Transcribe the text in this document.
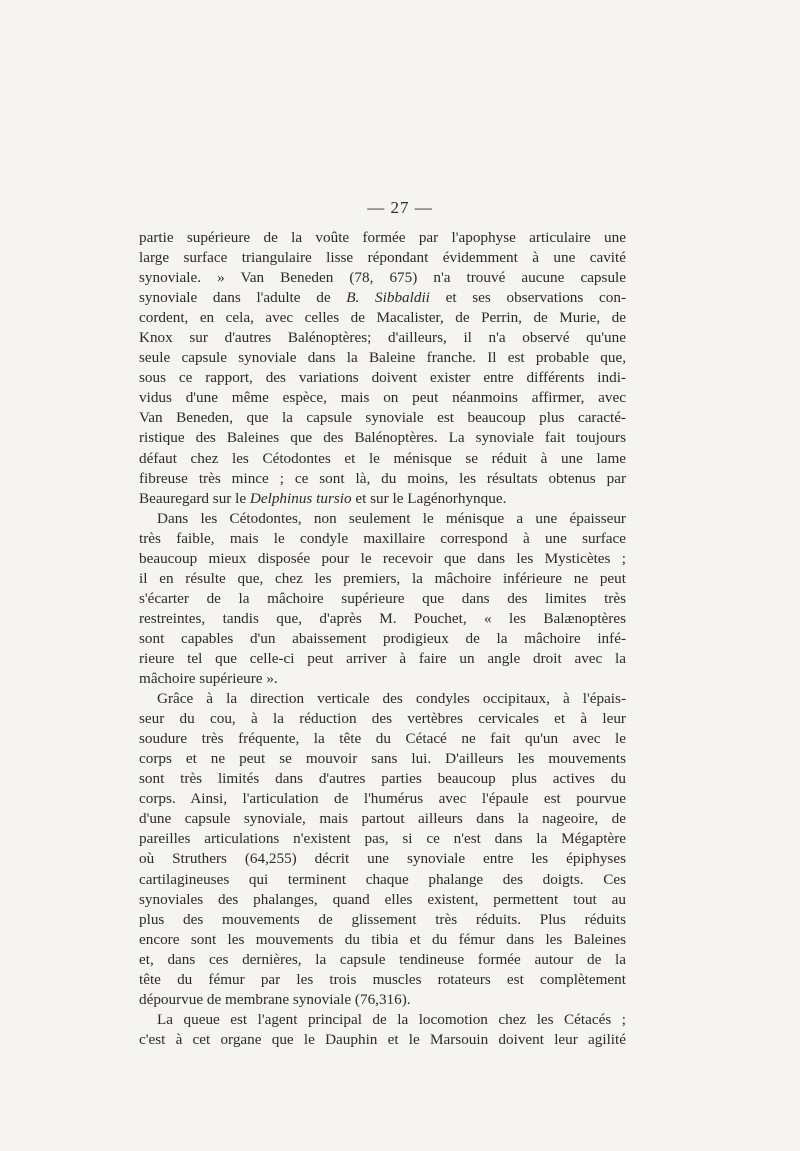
— 27 —
partie supérieure de la voûte formée par l'apophyse articulaire une
large surface triangulaire lisse répondant évidemment à une cavité
synoviale. » Van Beneden (78, 675) n'a trouvé aucune capsule
synoviale dans l'adulte de B. Sibbaldii et ses observations con-
cordent, en cela, avec celles de Macalister, de Perrin, de Murie, de
Knox sur d'autres Balénoptères; d'ailleurs, il n'a observé qu'une
seule capsule synoviale dans la Baleine franche. Il est probable que,
sous ce rapport, des variations doivent exister entre différents indi-
vidus d'une même espèce, mais on peut néanmoins affirmer, avec
Van Beneden, que la capsule synoviale est beaucoup plus caracté-
ristique des Baleines que des Balénoptères. La synoviale fait toujours
défaut chez les Cétodontes et le ménisque se réduit à une lame
fibreuse très mince ; ce sont là, du moins, les résultats obtenus par
Beauregard sur le Delphinus tursio et sur le Lagénorhynque.
Dans les Cétodontes, non seulement le ménisque a une épaisseur
très faible, mais le condyle maxillaire correspond à une surface
beaucoup mieux disposée pour le recevoir que dans les Mysticètes ;
il en résulte que, chez les premiers, la mâchoire inférieure ne peut
s'écarter de la mâchoire supérieure que dans des limites très
restreintes, tandis que, d'après M. Pouchet, « les Balænoptères
sont capables d'un abaissement prodigieux de la mâchoire infé-
rieure tel que celle-ci peut arriver à faire un angle droit avec la
mâchoire supérieure ».
Grâce à la direction verticale des condyles occipitaux, à l'épais-
seur du cou, à la réduction des vertèbres cervicales et à leur
soudure très fréquente, la tête du Cétacé ne fait qu'un avec le
corps et ne peut se mouvoir sans lui. D'ailleurs les mouvements
sont très limités dans d'autres parties beaucoup plus actives du
corps. Ainsi, l'articulation de l'humérus avec l'épaule est pourvue
d'une capsule synoviale, mais partout ailleurs dans la nageoire, de
pareilles articulations n'existent pas, si ce n'est dans la Mégaptère
où Struthers (64,255) décrit une synoviale entre les épiphyses
cartilagineuses qui terminent chaque phalange des doigts. Ces
synoviales des phalanges, quand elles existent, permettent tout au
plus des mouvements de glissement très réduits. Plus réduits
encore sont les mouvements du tibia et du fémur dans les Baleines
et, dans ces dernières, la capsule tendineuse formée autour de la
tête du fémur par les trois muscles rotateurs est complètement
dépourvue de membrane synoviale (76,316).
La queue est l'agent principal de la locomotion chez les Cétacés ;
c'est à cet organe que le Dauphin et le Marsouin doivent leur agilité
